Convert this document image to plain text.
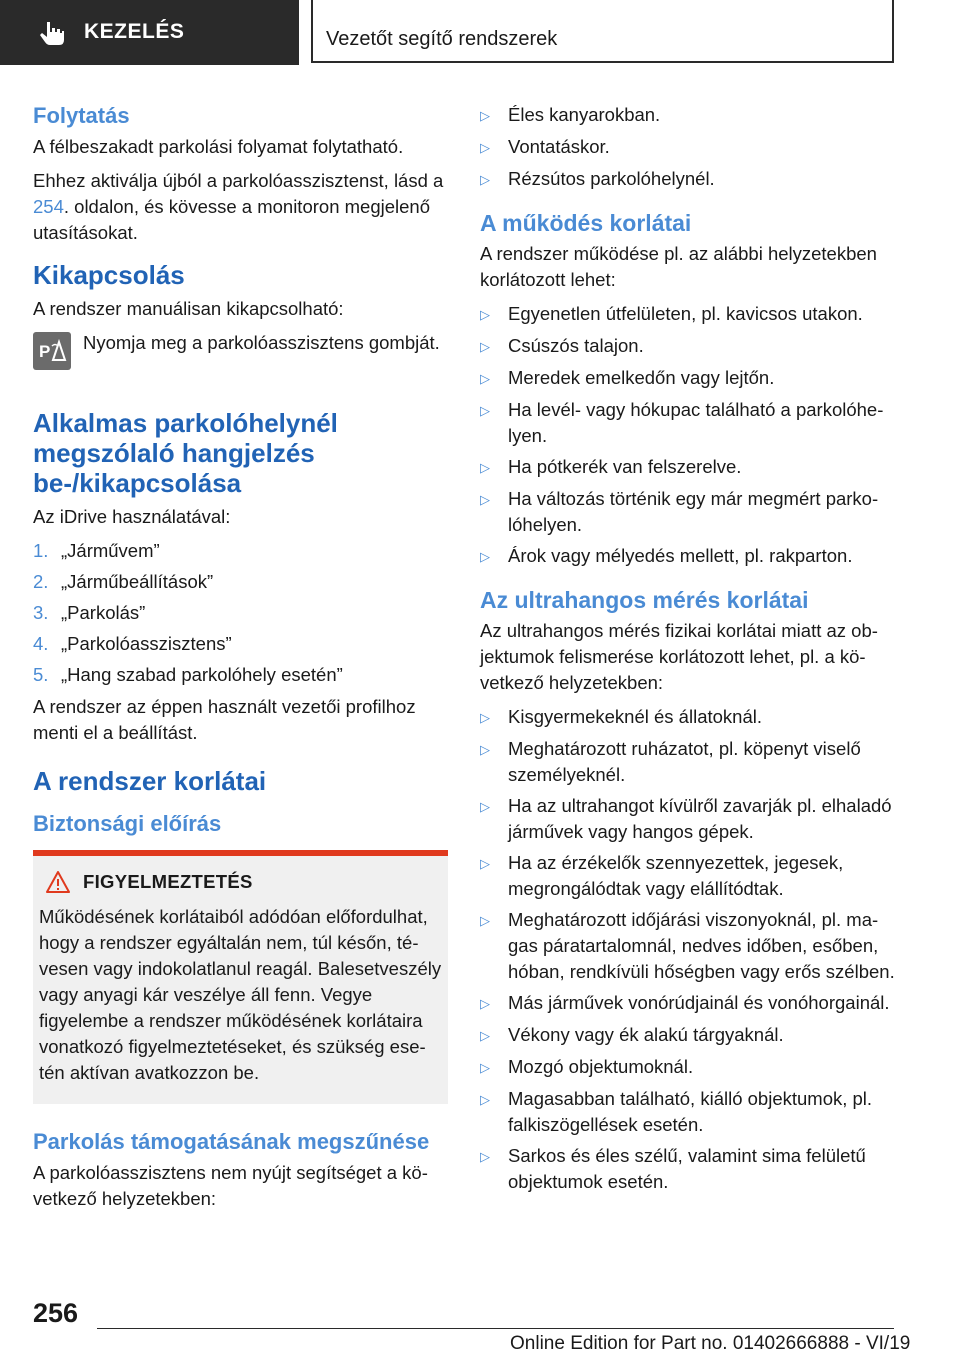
KEZELÉS	Vezetőt segítő rendszerek
Folytatás

A félbeszakadt parkolási folyamat folytatható.

Ehhez aktiválja újból a parkolóasszisztenst, lásd a 254. oldalon, és kövesse a monitoron megjelenő utasításokat.

Kikapcsolás

A rendszer manuálisan kikapcsolható:

P Nyomja meg a parkolóasszisztens gombját.

Alkalmas parkolóhelynél megszólaló hangjelzés be-/kikapcsolása

Az iDrive használatával:

1. „Járművem”
2. „Járműbeállítások”
3. „Parkolás”
4. „Parkolóasszisztens”
5. „Hang szabad parkolóhely esetén”

A rendszer az éppen használt vezetői profilhoz menti el a beállítást.

A rendszer korlátai
Biztonsági előírás
FIGYELMEZTETÉS

Működésének korlátaiból adódóan előfordulhat, hogy a rendszer egyáltalán nem, túl későn, tévesen vagy indokolatlanul reagál. Balesetveszély vagy anyagi kár veszélye áll fenn. Vegye figyelembe a rendszer működésének korlátaira vonatkozó figyelmeztetéseket, és szükség esetén aktívan avatkozzon be.

Parkolás támogatásának megszűnése

A parkolóasszisztens nem nyújt segítséget a következő helyzetekben:

▷ Éles kanyarokban.
▷ Vontatáskor.
▷ Rézsútos parkolóhelynél.
A működés korlátai

A rendszer működése pl. az alábbi helyzetekben korlátozott lehet:

▷ Egyenetlen útfelületen, pl. kavicsos utakon.
▷ Csúszós talajon.
▷ Meredek emelkedőn vagy lejtőn.
▷ Ha levél- vagy hókupac található a parkolóhelyen.
▷ Ha pótkerék van felszerelve.
▷ Ha változás történik egy már megmért parkolóhelyen.
▷ Árok vagy mélyedés mellett, pl. rakparton.
Az ultrahangos mérés korlátai

Az ultrahangos mérés fizikai korlátai miatt az objektumok felismerése korlátozott lehet, pl. a következő helyzetekben:

▷ Kisgyermekeknél és állatoknál.
▷ Meghatározott ruházatot, pl. köpenyt viselő személyeknél.
▷ Ha az ultrahangot kívülről zavarják pl. elhaladó járművek vagy hangos gépek.
▷ Ha az érzékelők szennyezettek, jegesek, megrongálódtak vagy elállítódtak.
▷ Meghatározott időjárási viszonyoknál, pl. magas páratartalomnál, nedves időben, esőben, hóban, rendkívüli hőségben vagy erős szélben.
▷ Más járművek vonórúdjainál és vonóhorgainál.
▷ Vékony vagy ék alakú tárgyaknál.
▷ Mozgó objektumoknál.
▷ Magasabban található, kiálló objektumok, pl. falkiszögellések esetén.
▷ Sarkos és éles szélű, valamint sima felületű objektumok esetén.
256
Online Edition for Part no. 01402666888 - VI/19
